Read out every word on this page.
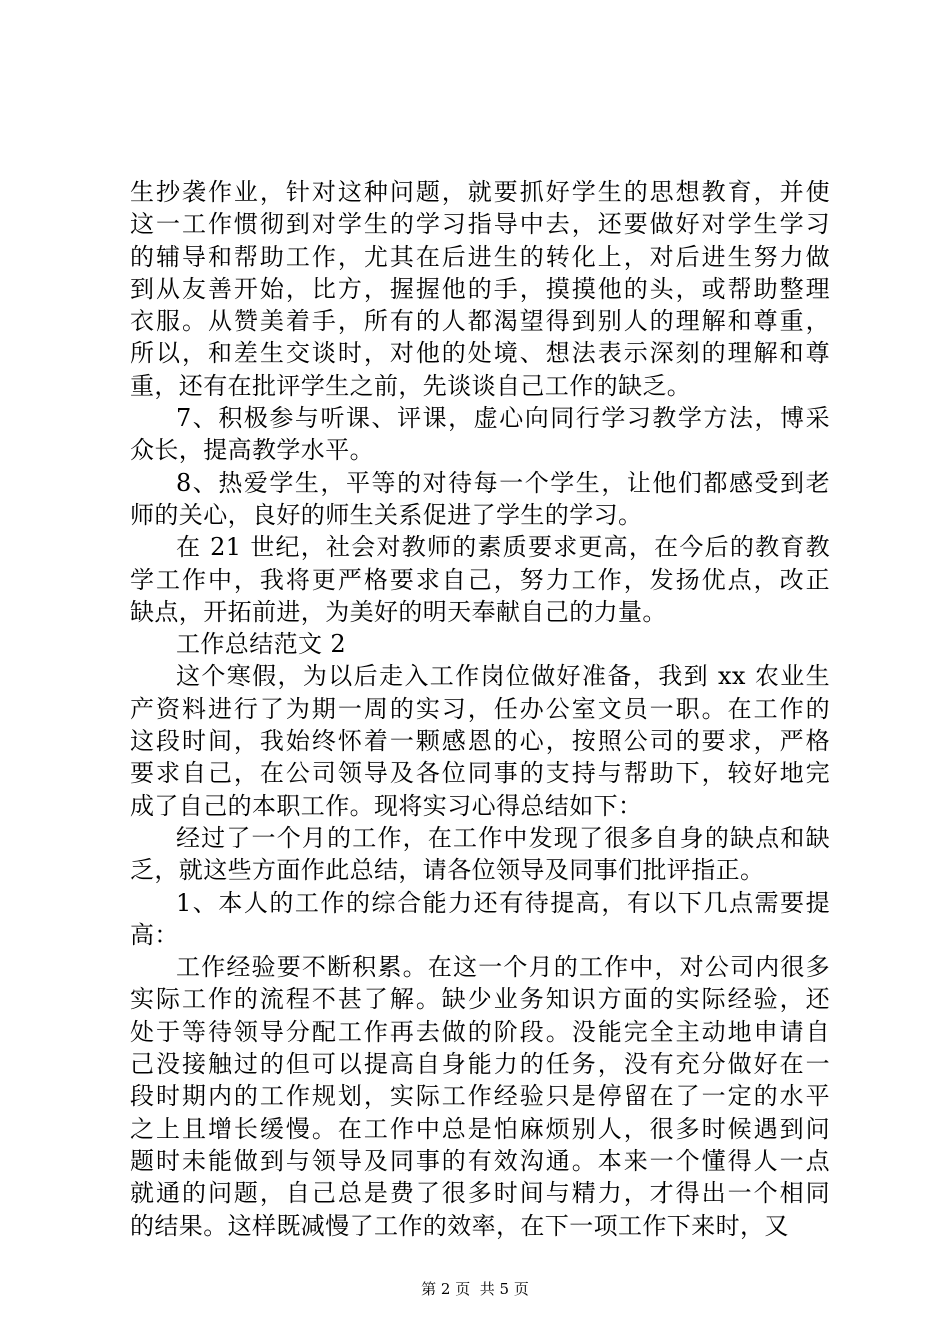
生抄袭作业，针对这种问题，就要抓好学生的思想教育，并使
这一工作惯彻到对学生的学习指导中去，还要做好对学生学习
的辅导和帮助工作，尤其在后进生的转化上，对后进生努力做
到从友善开始，比方，握握他的手，摸摸他的头，或帮助整理
衣服。从赞美着手，所有的人都渴望得到别人的理解和尊重，
所以，和差生交谈时，对他的处境、想法表示深刻的理解和尊
重，还有在批评学生之前，先谈谈自己工作的缺乏。
7、积极参与听课、评课，虚心向同行学习教学方法，博采
众长，提高教学水平。
8、热爱学生，平等的对待每一个学生，让他们都感受到老
师的关心，良好的师生关系促进了学生的学习。
在 21 世纪，社会对教师的素质要求更高，在今后的教育教
学工作中，我将更严格要求自己，努力工作，发扬优点，改正
缺点，开拓前进，为美好的明天奉献自己的力量。
工作总结范文 2
这个寒假，为以后走入工作岗位做好准备，我到 xx 农业生
产资料进行了为期一周的实习，任办公室文员一职。在工作的
这段时间，我始终怀着一颗感恩的心，按照公司的要求，严格
要求自己，在公司领导及各位同事的支持与帮助下，较好地完
成了自己的本职工作。现将实习心得总结如下：
经过了一个月的工作，在工作中发现了很多自身的缺点和缺
乏，就这些方面作此总结，请各位领导及同事们批评指正。
1、本人的工作的综合能力还有待提高，有以下几点需要提
高：
工作经验要不断积累。在这一个月的工作中，对公司内很多
实际工作的流程不甚了解。缺少业务知识方面的实际经验，还
处于等待领导分配工作再去做的阶段。没能完全主动地申请自
己没接触过的但可以提高自身能力的任务，没有充分做好在一
段时期内的工作规划，实际工作经验只是停留在了一定的水平
之上且增长缓慢。在工作中总是怕麻烦别人，很多时候遇到问
题时未能做到与领导及同事的有效沟通。本来一个懂得人一点
就通的问题，自己总是费了很多时间与精力，才得出一个相同
的结果。这样既减慢了工作的效率，在下一项工作下来时，又
第 2 页  共 5 页
